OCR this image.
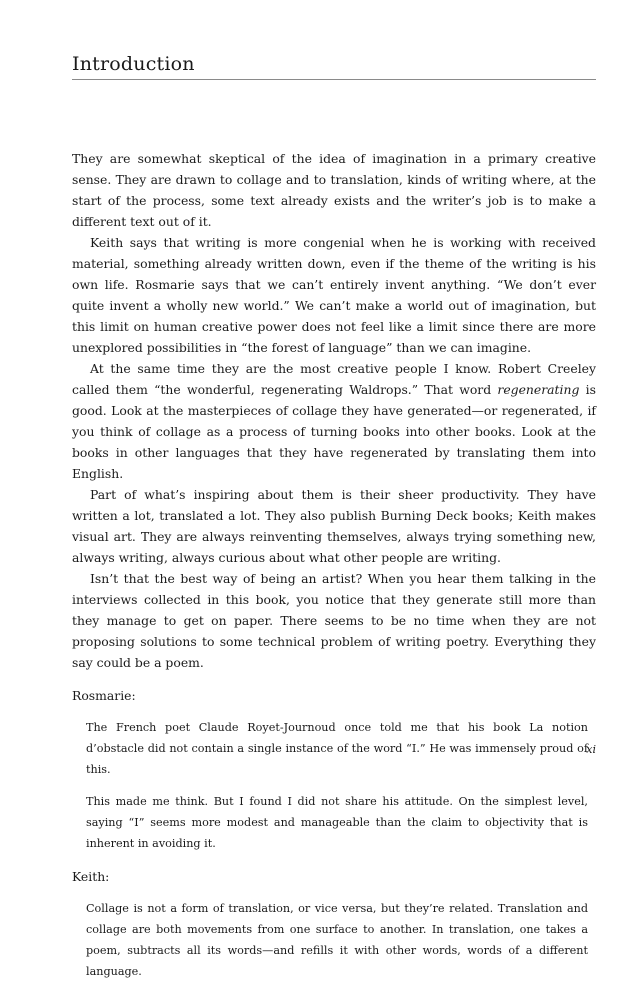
Introduction

They are somewhat skeptical of the idea of imagination in a primary creative sense. They are drawn to collage and to translation, kinds of writing where, at the start of the process, some text already exists and the writer’s job is to make a different text out of it.

Keith says that writing is more congenial when he is working with received material, something already written down, even if the theme of the writing is his own life. Rosmarie says that we can’t entirely invent anything. “We don’t ever quite invent a wholly new world.” We can’t make a world out of imagination, but this limit on human creative power does not feel like a limit since there are more unexplored possibilities in “the forest of language” than we can imagine.

At the same time they are the most creative people I know. Robert Creeley called them “the wonderful, regenerating Waldrops.” That word regenerating is good. Look at the masterpieces of collage they have generated—or regenerated, if you think of collage as a process of turning books into other books. Look at the books in other languages that they have regenerated by translating them into English.

Part of what’s inspiring about them is their sheer productivity. They have written a lot, translated a lot. They also publish Burning Deck books; Keith makes visual art. They are always reinventing themselves, always trying something new, always writing, always curious about what other people are writing.

Isn’t that the best way of being an artist? When you hear them talking in the interviews collected in this book, you notice that they generate still more than they manage to get on paper. There seems to be no time when they are not proposing solutions to some technical problem of writing poetry. Everything they say could be a poem.

Rosmarie:

The French poet Claude Royet-Journoud once told me that his book La notion d’obstacle did not contain a single instance of the word “I.” He was immensely proud of this.

This made me think. But I found I did not share his attitude. On the simplest level, saying “I” seems more modest and manageable than the claim to objectivity that is inherent in avoiding it.

Keith:

Collage is not a form of translation, or vice versa, but they’re related. Translation and collage are both movements from one surface to another. In translation, one takes a poem, subtracts all its words—and refills it with other words, words of a different language.

xi
